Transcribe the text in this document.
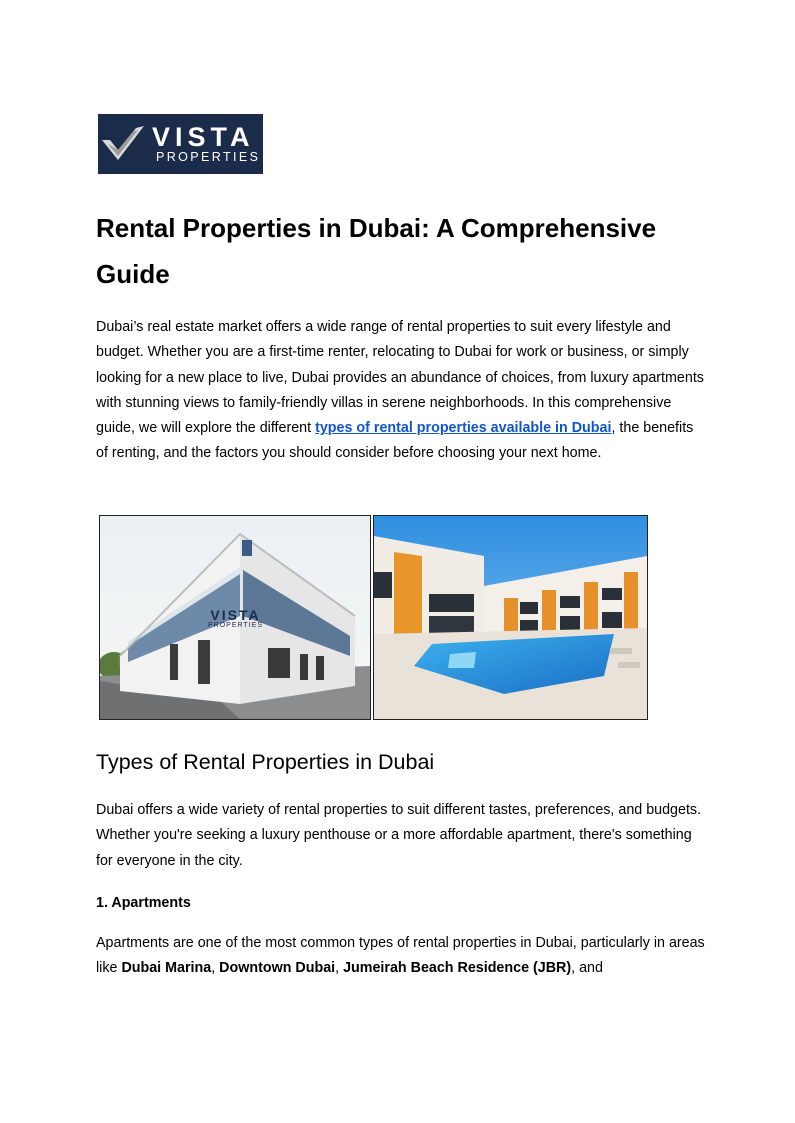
VISTA
PROPERTIES
Rental Properties in Dubai: A Comprehensive Guide

Dubai’s real estate market offers a wide range of rental properties to suit every lifestyle and budget. Whether you are a first-time renter, relocating to Dubai for work or business, or simply looking for a new place to live, Dubai provides an abundance of choices, from luxury apartments with stunning views to family-friendly villas in serene neighborhoods. In this comprehensive guide, we will explore the different types of rental properties available in Dubai, the benefits of renting, and the factors you should consider before choosing your next home.

VISTA
PROPERTIES
Types of Rental Properties in Dubai

Dubai offers a wide variety of rental properties to suit different tastes, preferences, and budgets. Whether you're seeking a luxury penthouse or a more affordable apartment, there's something for everyone in the city.

1. Apartments

Apartments are one of the most common types of rental properties in Dubai, particularly in areas like Dubai Marina, Downtown Dubai, Jumeirah Beach Residence (JBR), and
